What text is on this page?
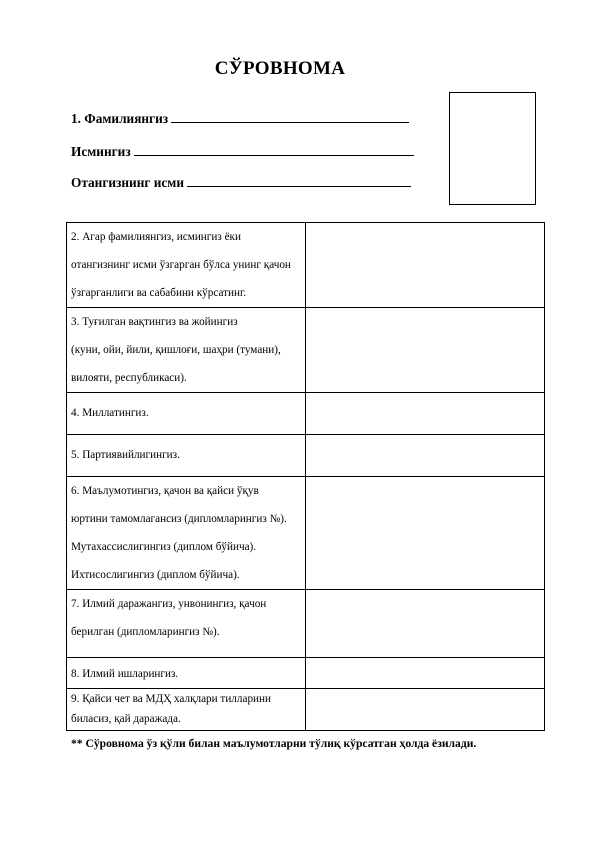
СЎРОВНОМА
1. Фамилиянгиз
Исмингиз
Отангизнинг исми
2. Агар фамилиянгиз, исмингиз ёки
отангизнинг исми ўзгарган бўлса унинг қачон
ўзгарганлиги ва сабабини кўрсатинг.	

3. Туғилган вақтингиз ва жойингиз
(куни, ойи, йили, қишлоғи, шаҳри (тумани),
вилояти, республикаси).	

4. Миллатингиз.	

5. Партиявийлигингиз.	

6. Маълумотингиз, қачон ва қайси ўқув
юртини тамомлагансиз (дипломларингиз №).
Мутахассислигингиз (диплом бўйича).
Ихтисослигингиз (диплом бўйича).	

7. Илмий даражангиз, унвонингиз, қачон
берилган (дипломларингиз №).	

8. Илмий ишларингиз.	

9. Қайси чет ва МДҲ халқлари тилларини
биласиз, қай даражада.	

** Сўровнома ўз қўли билан маълумотларни тўлиқ кўрсатган ҳолда ёзилади.
